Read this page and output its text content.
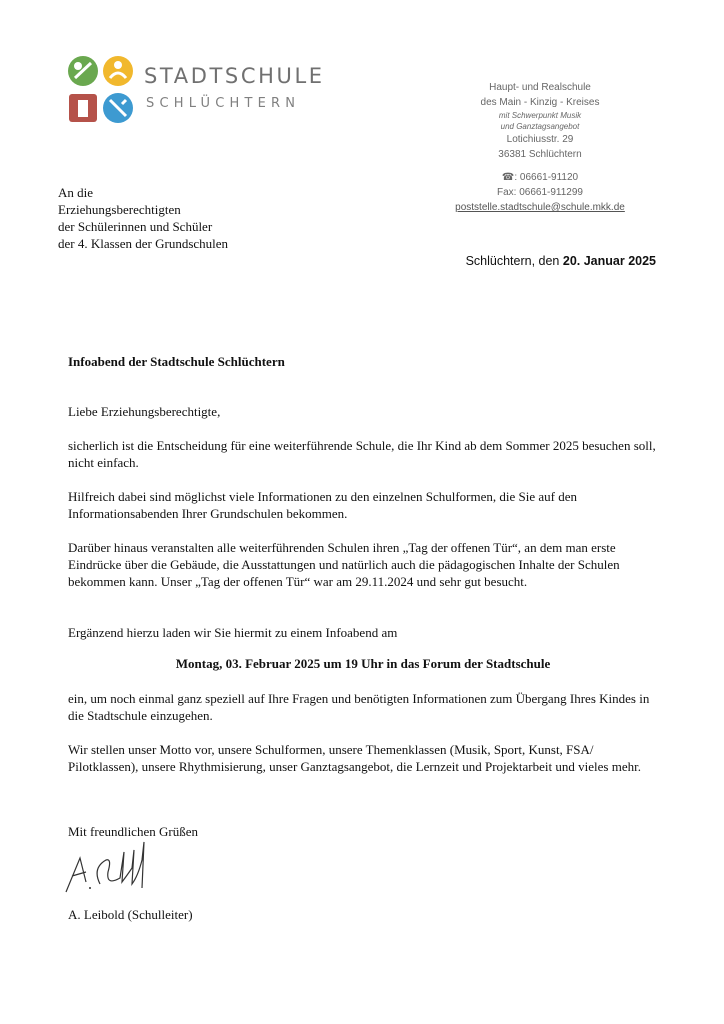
STADTSCHULE
SCHLÜCHTERN
Haupt- und Realschule
des Main - Kinzig - Kreises
mit Schwerpunkt Musik
und Ganztagsangebot
Lotichiusstr. 29
36381 Schlüchtern
☎: 06661-91120
Fax: 06661-911299
poststelle.stadtschule@schule.mkk.de
An die
Erziehungsberechtigten
der Schülerinnen und Schüler
der 4. Klassen der Grundschulen
Schlüchtern, den 20. Januar 2025
Infoabend der Stadtschule Schlüchtern
Liebe Erziehungsberechtigte,
sicherlich ist die Entscheidung für eine weiterführende Schule, die Ihr Kind ab dem Sommer 2025 besuchen soll, nicht einfach.
Hilfreich dabei sind möglichst viele Informationen zu den einzelnen Schulformen, die Sie auf den Informationsabenden Ihrer Grundschulen bekommen.
Darüber hinaus veranstalten alle weiterführenden Schulen ihren „Tag der offenen Tür“, an dem man erste Eindrücke über die Gebäude, die Ausstattungen und natürlich auch die pädagogischen Inhalte der Schulen bekommen kann. Unser „Tag der offenen Tür“ war am 29.11.2024 und sehr gut besucht.
Ergänzend hierzu laden wir Sie hiermit zu einem Infoabend am
Montag, 03. Februar 2025 um 19 Uhr in das Forum der Stadtschule
ein, um noch einmal ganz speziell auf Ihre Fragen und benötigten Informationen zum Übergang Ihres Kindes in die Stadtschule einzugehen.
Wir stellen unser Motto vor, unsere Schulformen, unsere Themenklassen (Musik, Sport, Kunst, FSA/ Pilotklassen), unsere Rhythmisierung, unser Ganztagsangebot, die Lernzeit und Projektarbeit und vieles mehr.
Mit freundlichen Grüßen
A. Leibold (Schulleiter)
